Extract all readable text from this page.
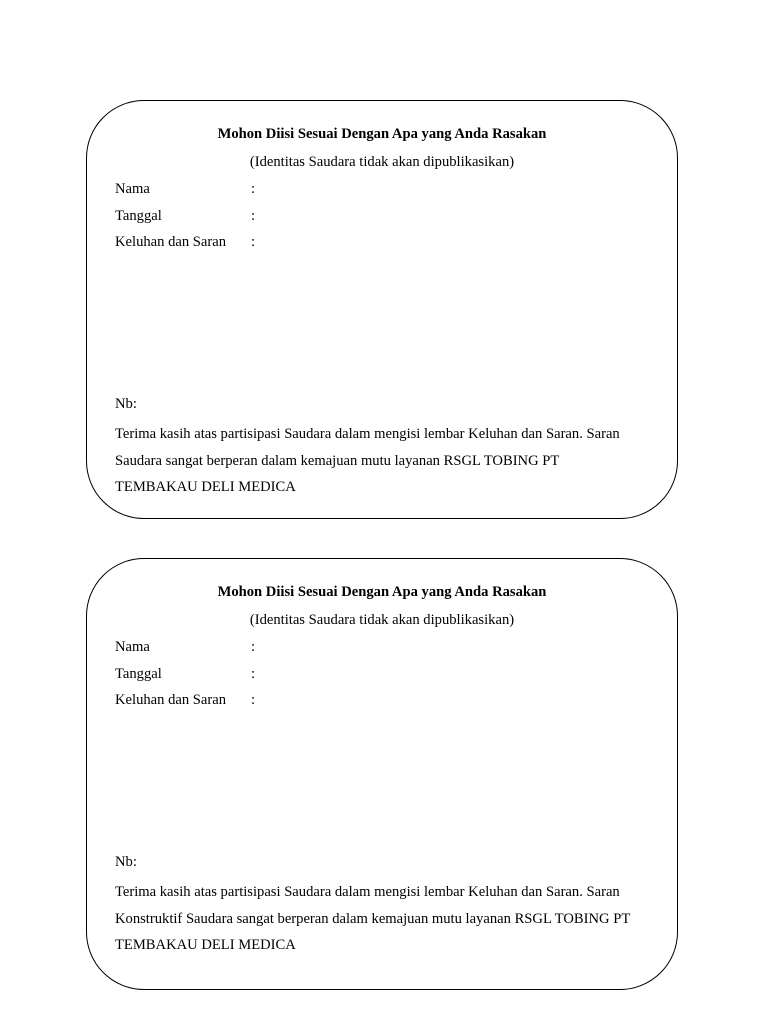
Mohon Diisi Sesuai Dengan Apa yang Anda Rasakan

(Identitas Saudara tidak akan dipublikasikan)

Nama	:
Tanggal	:
Keluhan dan Saran :
Nb:

Terima kasih atas partisipasi Saudara dalam mengisi lembar Keluhan dan Saran. Saran
Saudara sangat berperan dalam kemajuan mutu layanan RSGL TOBING PT
TEMBAKAU DELI MEDICA

Mohon Diisi Sesuai Dengan Apa yang Anda Rasakan

(Identitas Saudara tidak akan dipublikasikan)

Nama	:
Tanggal	:
Keluhan dan Saran :
Nb:

Terima kasih atas partisipasi Saudara dalam mengisi lembar Keluhan dan Saran. Saran
Konstruktif Saudara sangat berperan dalam kemajuan mutu layanan RSGL TOBING PT
TEMBAKAU DELI MEDICA
